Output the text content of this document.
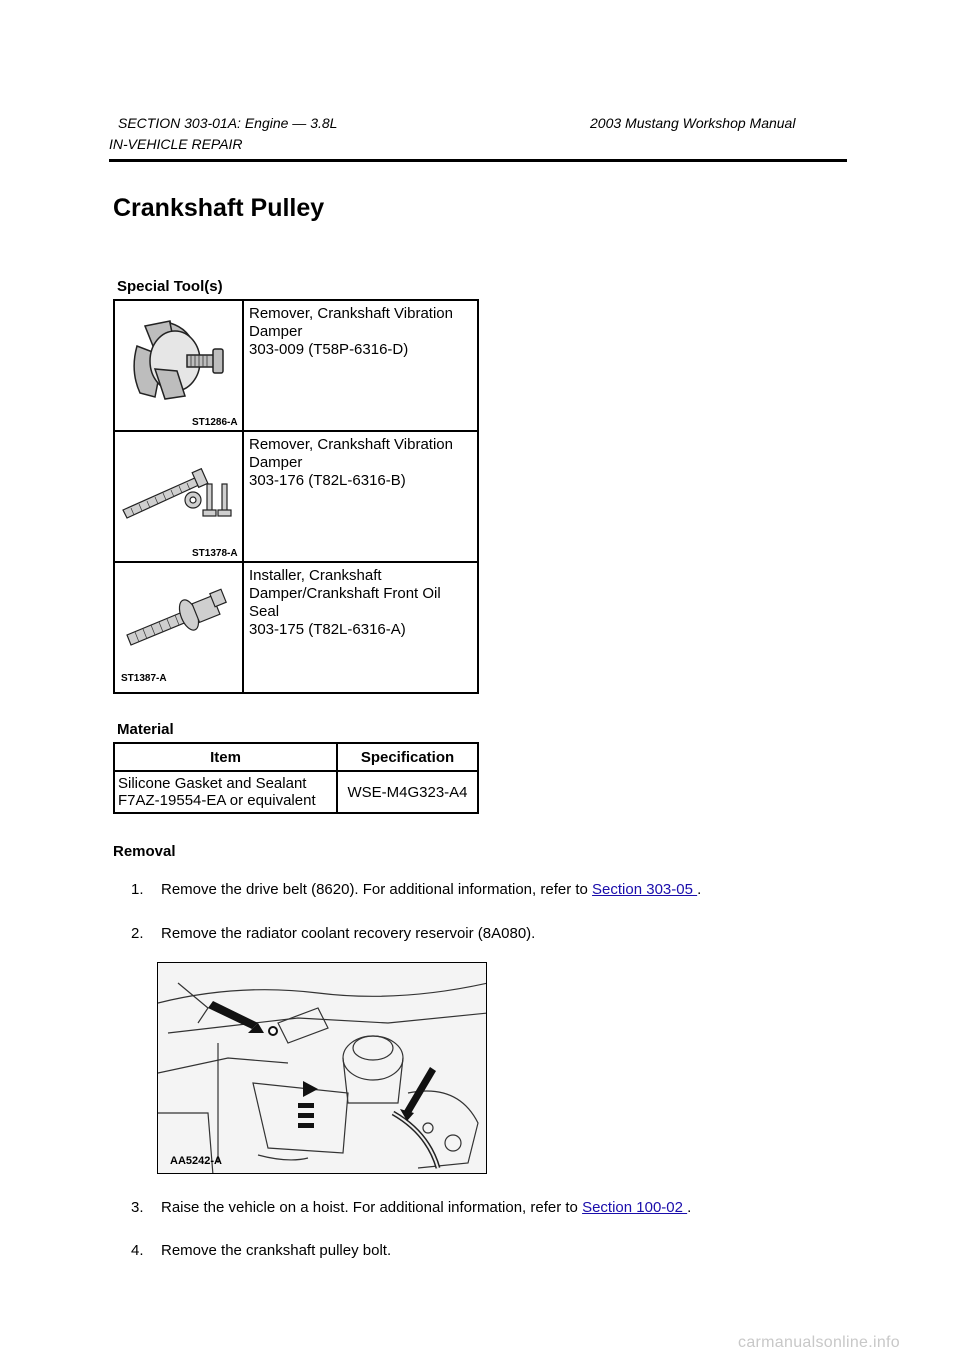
SECTION 303-01A: Engine — 3.8L	2003 Mustang Workshop Manual
IN-VEHICLE REPAIR
Crankshaft Pulley
Special Tool(s)
ST1286-A	Remover, Crankshaft Vibration
Damper
303-009 (T58P-6316-D)

ST1378-A	Remover, Crankshaft Vibration
Damper
303-176 (T82L-6316-B)

ST1387-A	Installer, Crankshaft
Damper/Crankshaft Front Oil
Seal
303-175 (T82L-6316-A)
Material
Item	Specification

Silicone Gasket and Sealant
F7AZ-19554-EA or equivalent	WSE-M4G323-A4
Removal
1. Remove the drive belt (8620). For additional information, refer to Section 303-05 .
2. Remove the radiator coolant recovery reservoir (8A080).
AA5242-A
3. Raise the vehicle on a hoist. For additional information, refer to Section 100-02 .
4. Remove the crankshaft pulley bolt.
carmanualsonline.info
